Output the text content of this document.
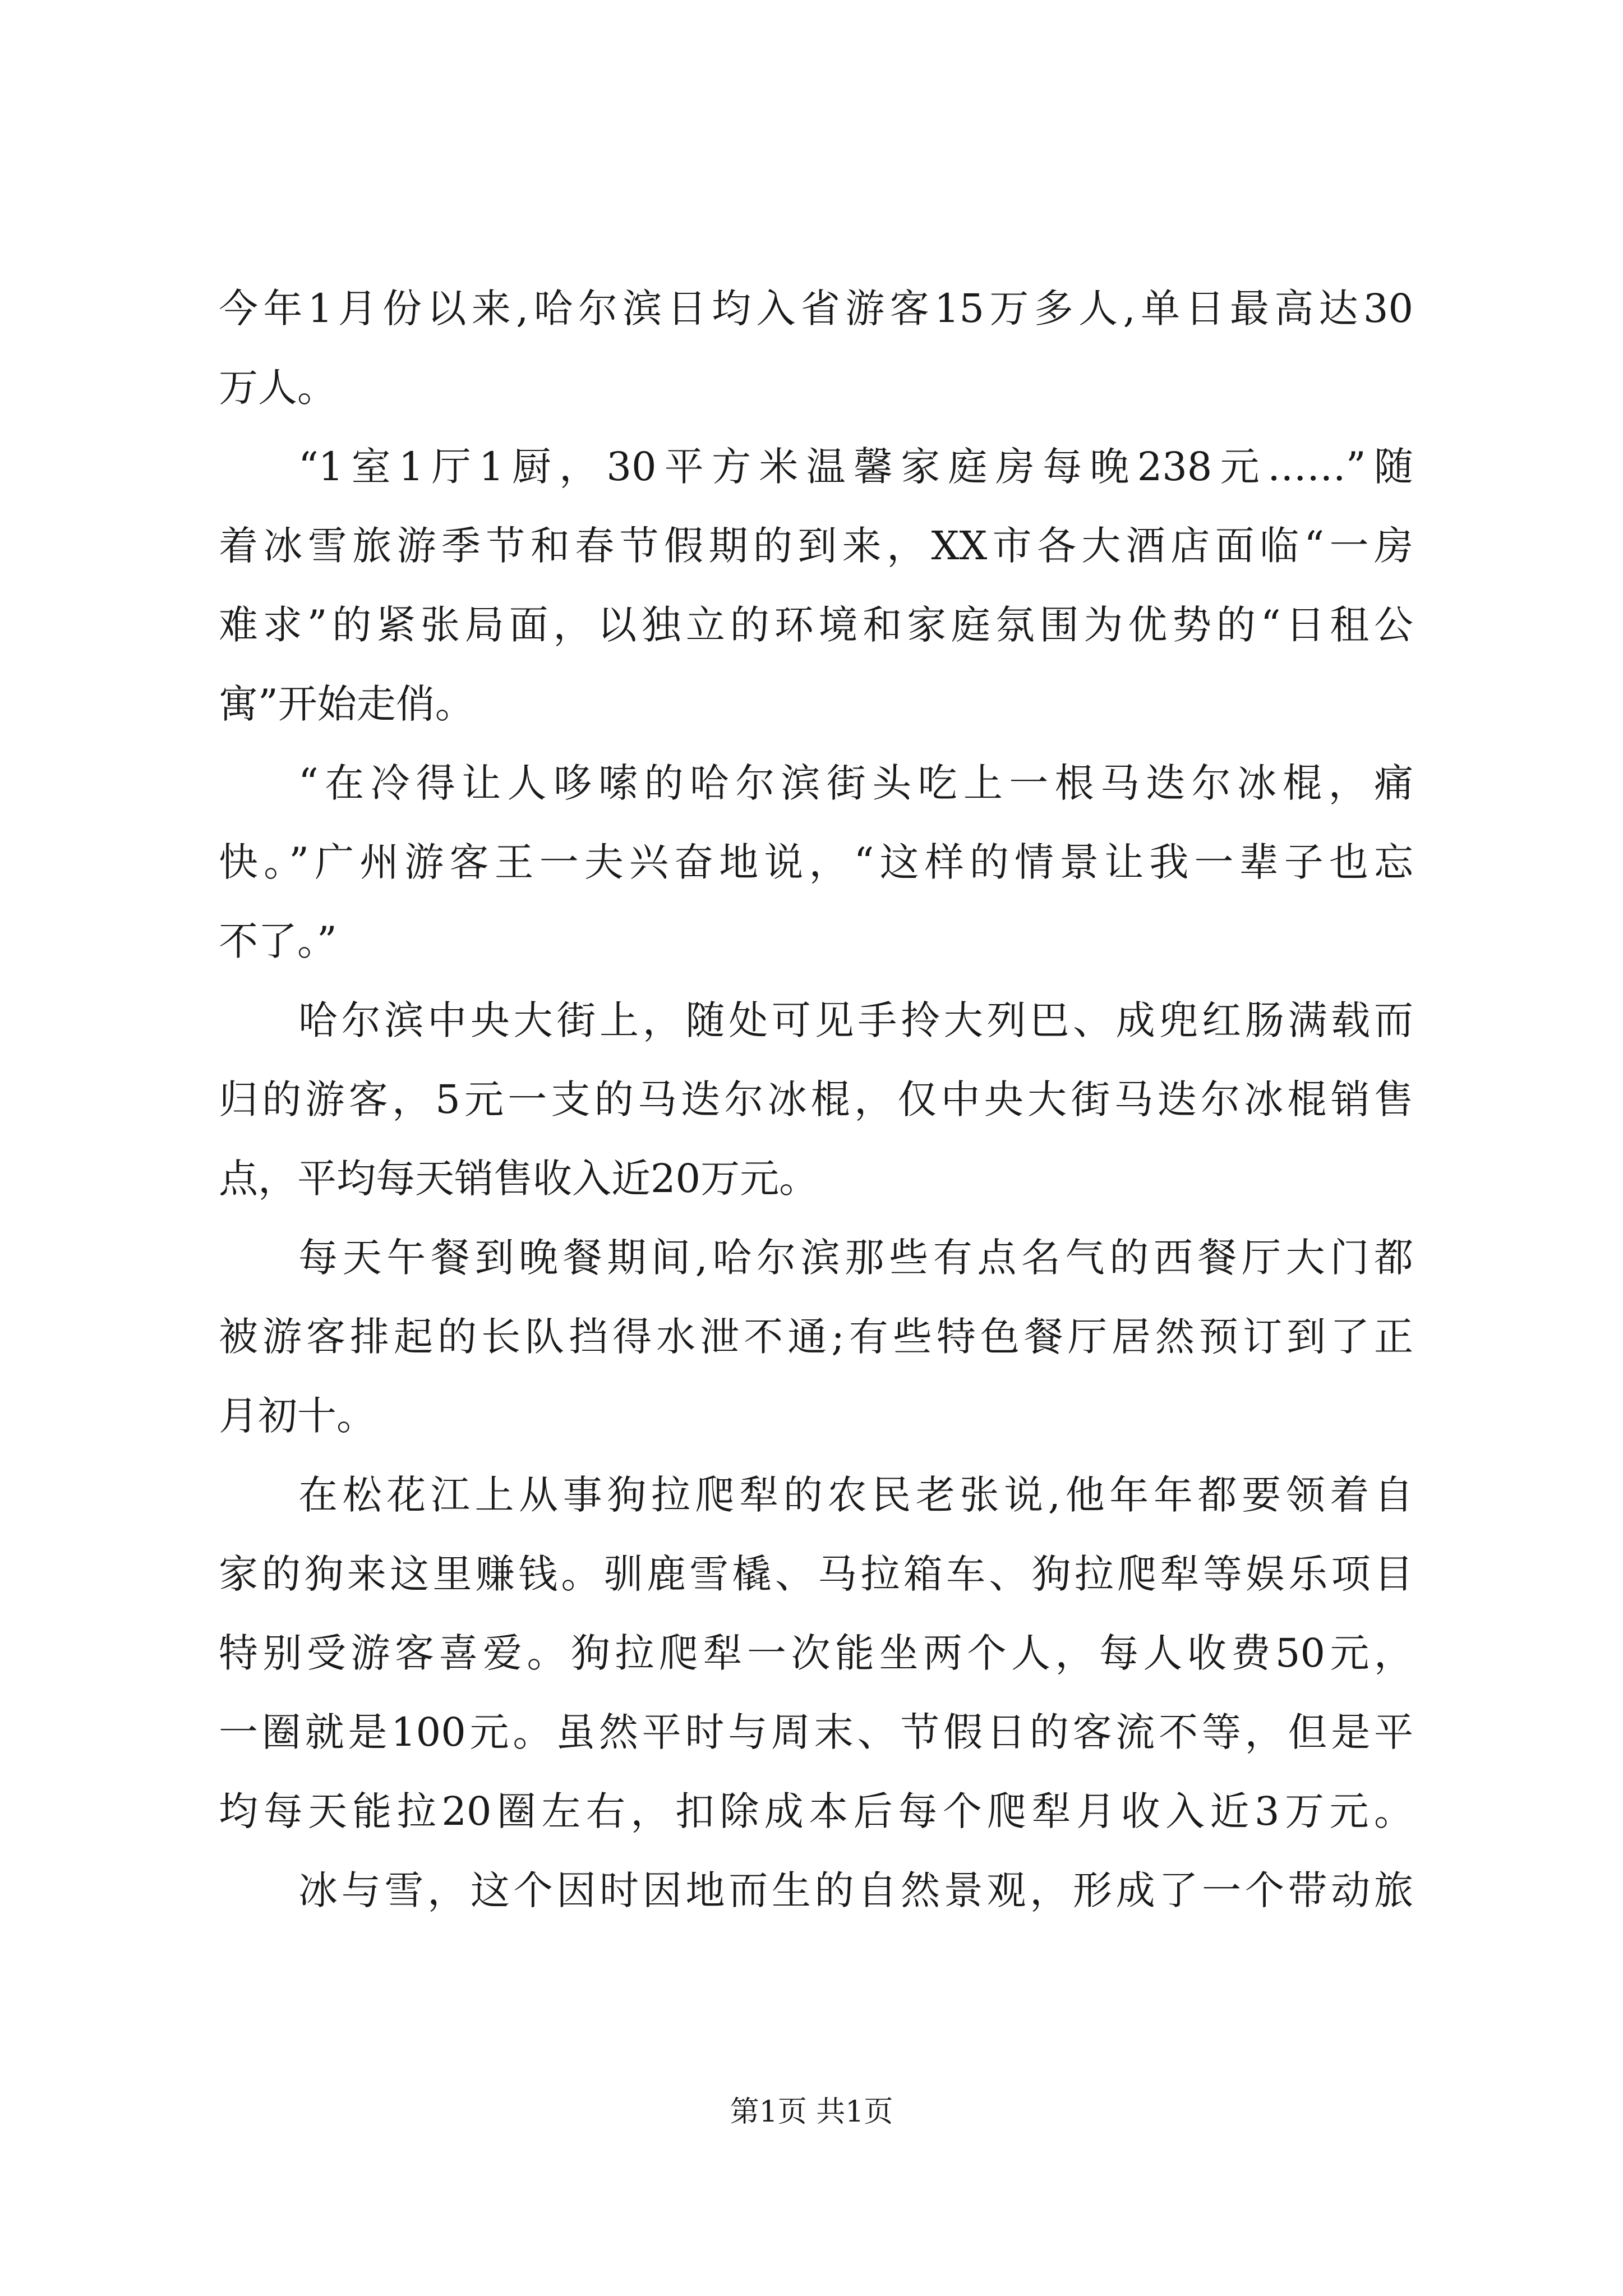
今年1月份以来,哈尔滨日均入省游客15万多人,单日最高达30
万人。
“1室1厅1厨，30平方米温馨家庭房每晚238元……”随
着冰雪旅游季节和春节假期的到来，XX市各大酒店面临“一房
难求”的紧张局面，以独立的环境和家庭氛围为优势的“日租公
寓”开始走俏。
“在冷得让人哆嗦的哈尔滨街头吃上一根马迭尔冰棍，痛
快。”广州游客王一夫兴奋地说，“这样的情景让我一辈子也忘
不了。”
哈尔滨中央大街上，随处可见手拎大列巴、成兜红肠满载而
归的游客，5元一支的马迭尔冰棍，仅中央大街马迭尔冰棍销售
点，平均每天销售收入近20万元。
每天午餐到晚餐期间,哈尔滨那些有点名气的西餐厅大门都
被游客排起的长队挡得水泄不通;有些特色餐厅居然预订到了正
月初十。
在松花江上从事狗拉爬犁的农民老张说,他年年都要领着自
家的狗来这里赚钱。驯鹿雪橇、马拉箱车、狗拉爬犁等娱乐项目
特别受游客喜爱。狗拉爬犁一次能坐两个人，每人收费50元，
一圈就是100元。虽然平时与周末、节假日的客流不等，但是平
均每天能拉20圈左右，扣除成本后每个爬犁月收入近3万元。
冰与雪，这个因时因地而生的自然景观，形成了一个带动旅
第1页 共1页
